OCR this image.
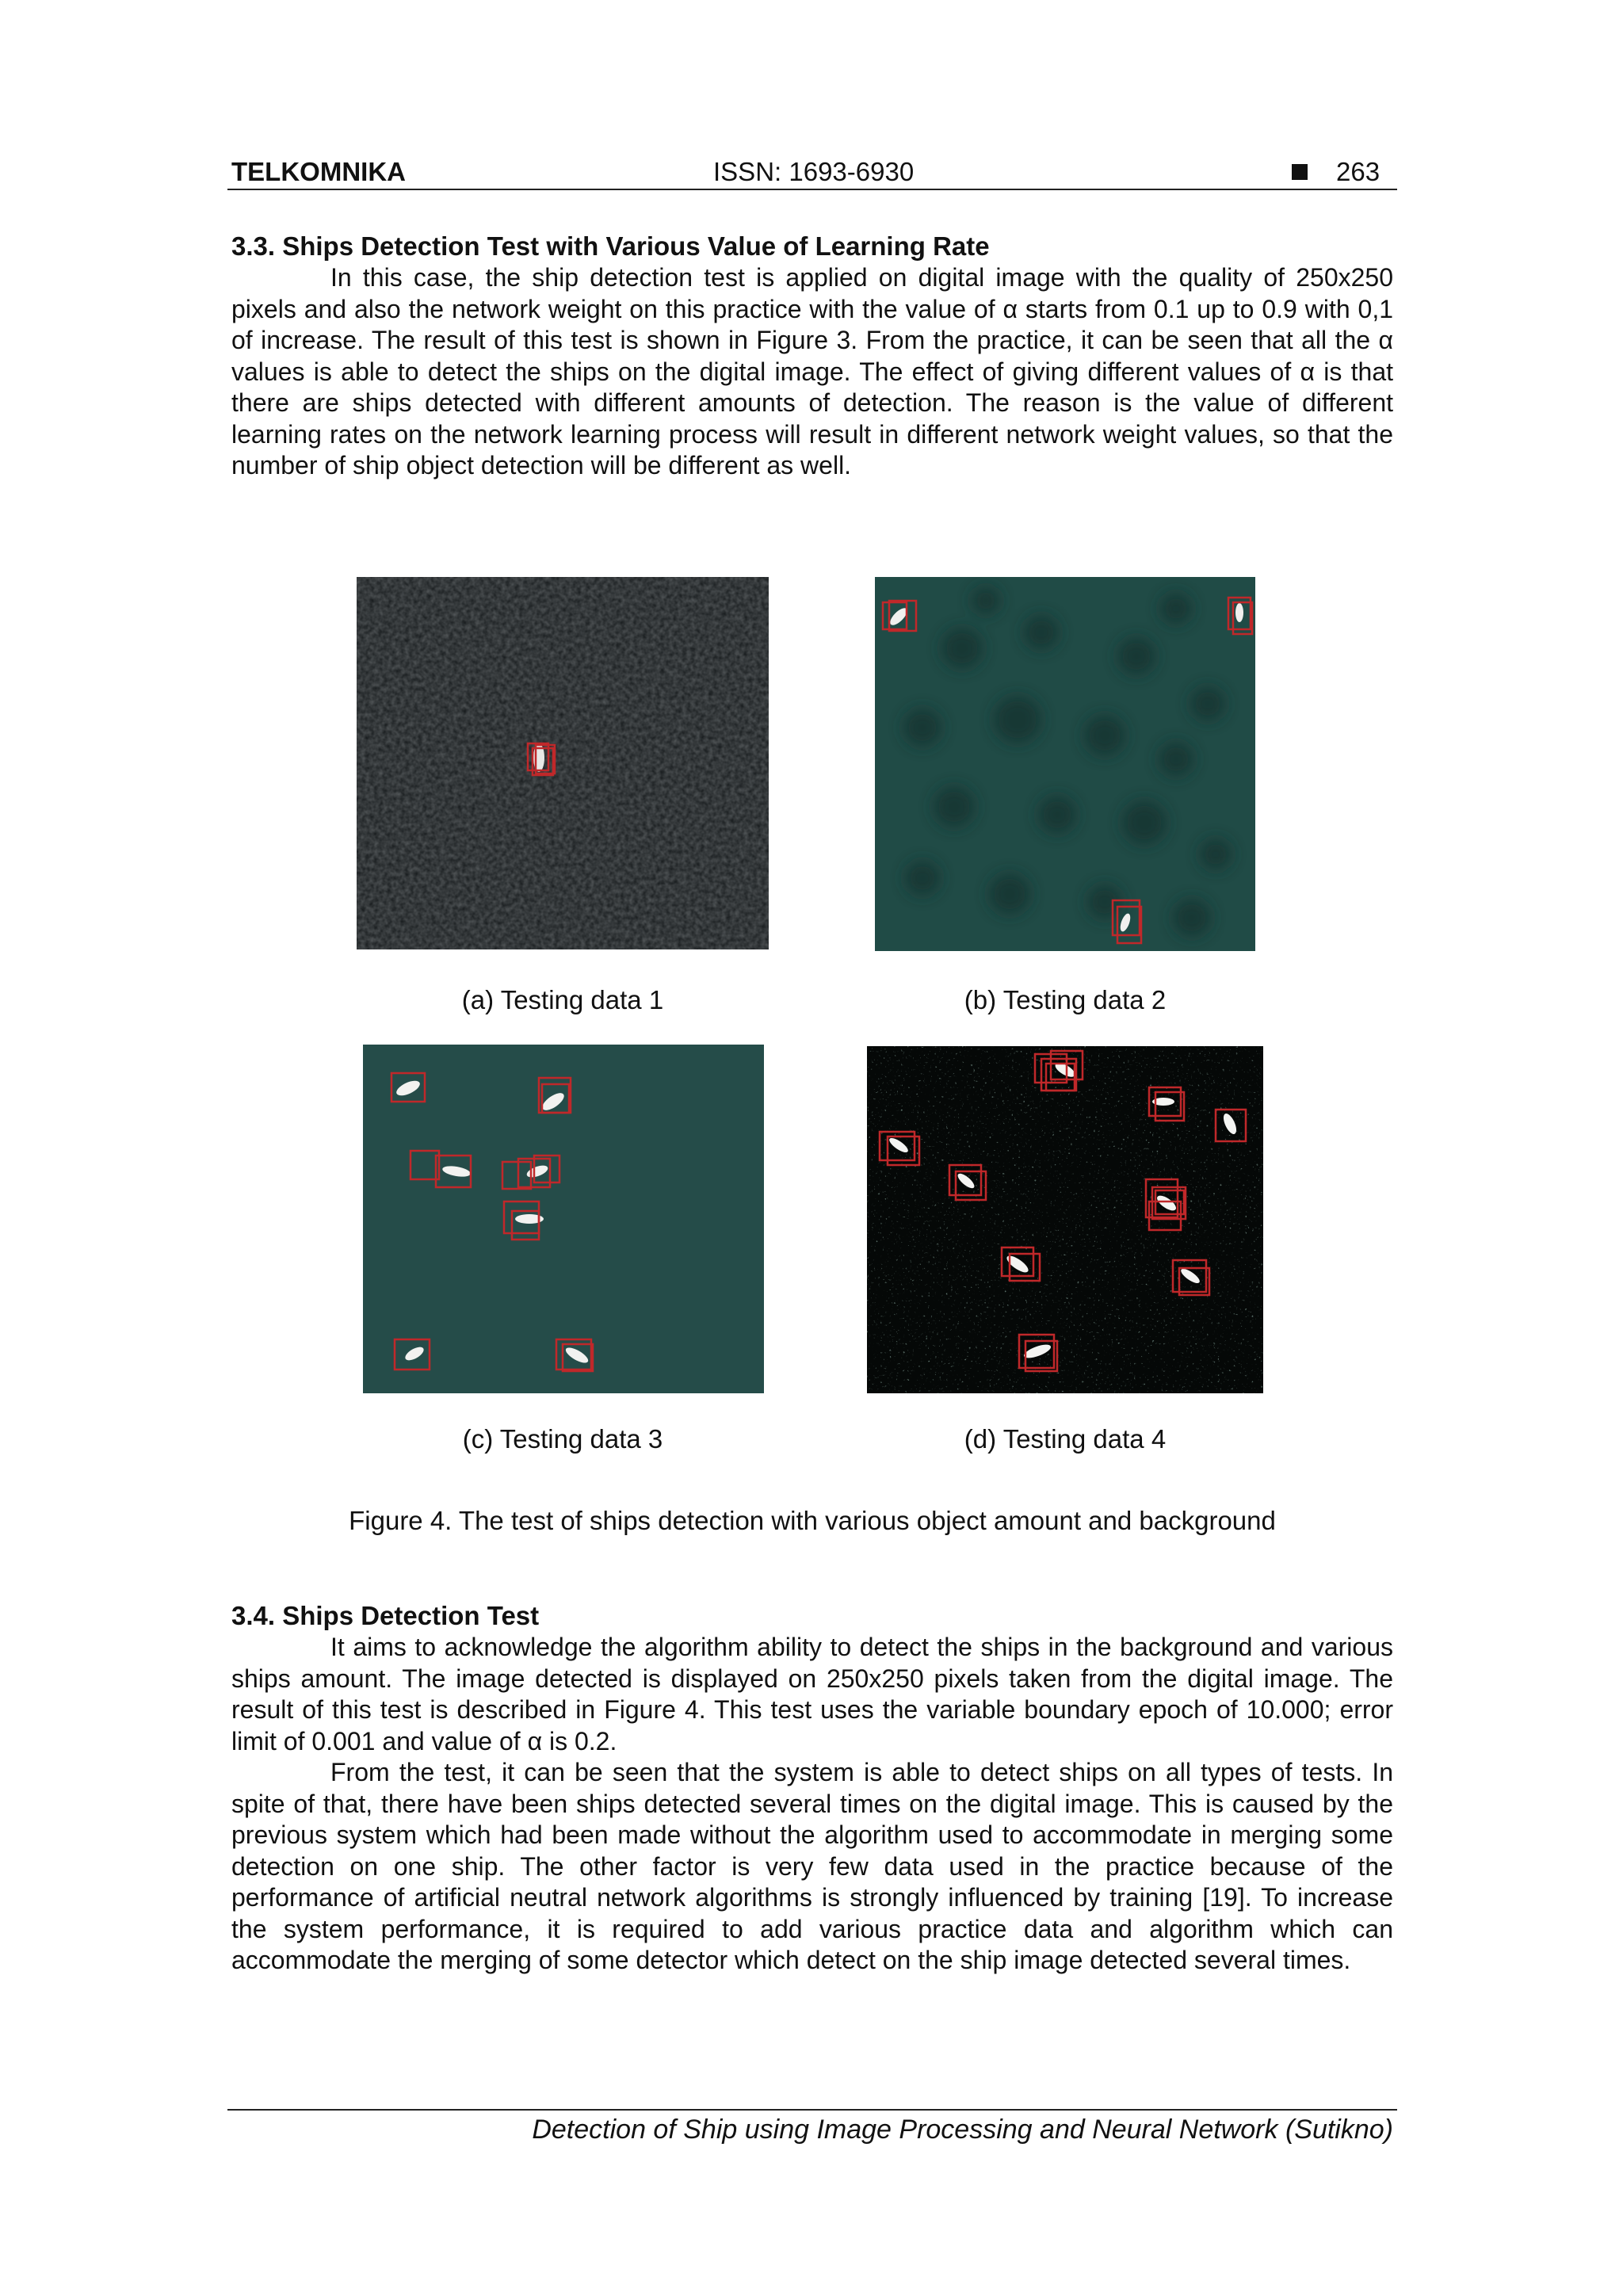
TELKOMNIKA	ISSN: 1693-6930	263
3.3. Ships Detection Test with Various Value of Learning Rate

In this case, the ship detection test is applied on digital image with the quality of 250x250 pixels and also the network weight on this practice with the value of α starts from 0.1 up to 0.9 with 0,1 of increase. The result of this test is shown in Figure 3. From the practice, it can be seen that all the α values is able to detect the ships on the digital image. The effect of giving different values of α is that there are ships detected with different amounts of detection. The reason is the value of different learning rates on the network learning process will result in different network weight values, so that the number of ship object detection will be different as well.

(a) Testing data 1	(b) Testing data 2
(c) Testing data 3	(d) Testing data 4
Figure 4. The test of ships detection with various object amount and background
3.4. Ships Detection Test

It aims to acknowledge the algorithm ability to detect the ships in the background and various ships amount. The image detected is displayed on 250x250 pixels taken from the digital image. The result of this test is described in Figure 4. This test uses the variable boundary epoch of 10.000; error limit of 0.001 and value of α is 0.2.

From the test, it can be seen that the system is able to detect ships on all types of tests. In spite of that, there have been ships detected several times on the digital image. This is caused by the previous system which had been made without the algorithm used to accommodate in merging some detection on one ship. The other factor is very few data used in the practice because of the performance of artificial neutral network algorithms is strongly influenced by training [19]. To increase the system performance, it is required to add various practice data and algorithm which can accommodate the merging of some detector which detect on the ship image detected several times.

Detection of Ship using Image Processing and Neural Network (Sutikno)
